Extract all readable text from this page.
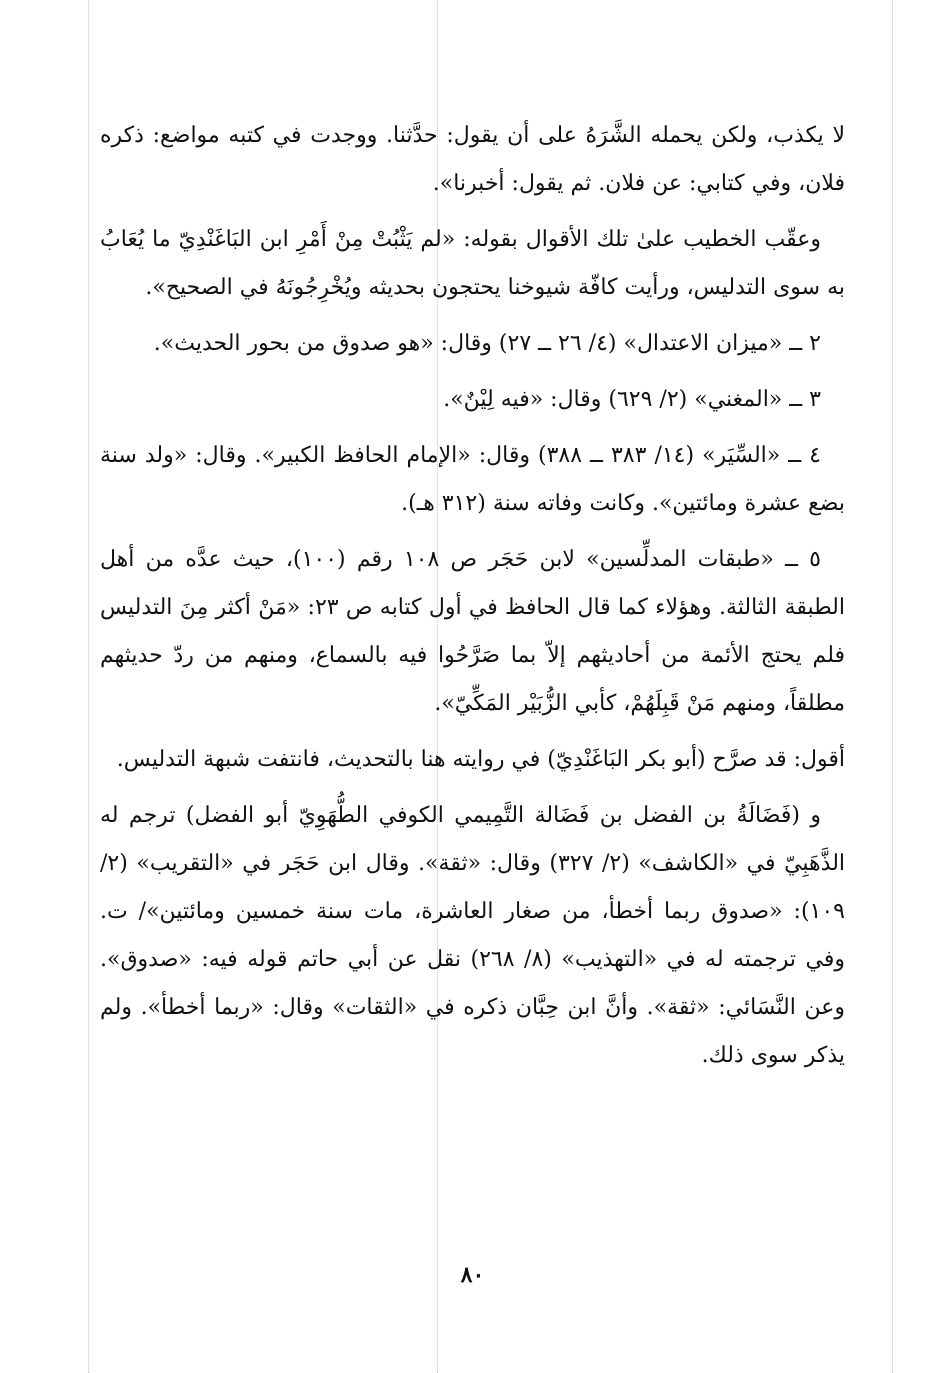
لا يكذب، ولكن يحمله الشَّرَهُ على أن يقول: حدَّثنا. ووجدت في كتبه مواضع: ذكره فلان، وفي كتابي: عن فلان. ثم يقول: أخبرنا».

وعقّب الخطيب علىٰ تلك الأقوال بقوله: «لم يَثْبُتْ مِنْ أَمْرِ ابن البَاغَنْدِيّ ما يُعَابُ به سوى التدليس، ورأيت كافّة شيوخنا يحتجون بحديثه ويُخْرِجُونَهُ في الصحيح».

٢ ــ «ميزان الاعتدال» (٤/ ٢٦ ــ ٢٧) وقال: «هو صدوق من بحور الحديث».

٣ ــ «المغني» (٢/ ٦٢٩) وقال: «فيه لِيْنٌ».

٤ ــ «السِّيَر» (١٤/ ٣٨٣ ــ ٣٨٨) وقال: «الإمام الحافظ الكبير». وقال: «ولد سنة بضع عشرة ومائتين». وكانت وفاته سنة (٣١٢ هـ).

٥ ــ «طبقات المدلِّسين» لابن حَجَر ص ١٠٨ رقم (١٠٠)، حيث عدَّه من أهل الطبقة الثالثة. وهؤلاء كما قال الحافظ في أول كتابه ص ٢٣: «مَنْ أكثر مِنَ التدليس فلم يحتج الأئمة من أحاديثهم إلاّ بما صَرَّحُوا فيه بالسماع، ومنهم من ردّ حديثهم مطلقاً، ومنهم مَنْ قَبِلَهُمْ، كأبي الزُّبَيْر المَكِّيّ».

أقول: قد صرَّح (أبو بكر البَاغَنْدِيّ) في روايته هنا بالتحديث، فانتفت شبهة التدليس.

و (فَضَالَةُ بن الفضل بن فَضَالة التَّمِيمي الكوفي الطُّهَوِيّ أبو الفضل) ترجم له الذَّهَبِيّ في «الكاشف» (٢/ ٣٢٧) وقال: «ثقة». وقال ابن حَجَر في «التقريب» (٢/ ١٠٩): «صدوق ربما أخطأ، من صغار العاشرة، مات سنة خمسين ومائتين»/ ت. وفي ترجمته له في «التهذيب» (٨/ ٢٦٨) نقل عن أبي حاتم قوله فيه: «صدوق». وعن النَّسَائي: «ثقة». وأنَّ ابن حِبَّان ذكره في «الثقات» وقال: «ربما أخطأ». ولم يذكر سوى ذلك.

٨٠
